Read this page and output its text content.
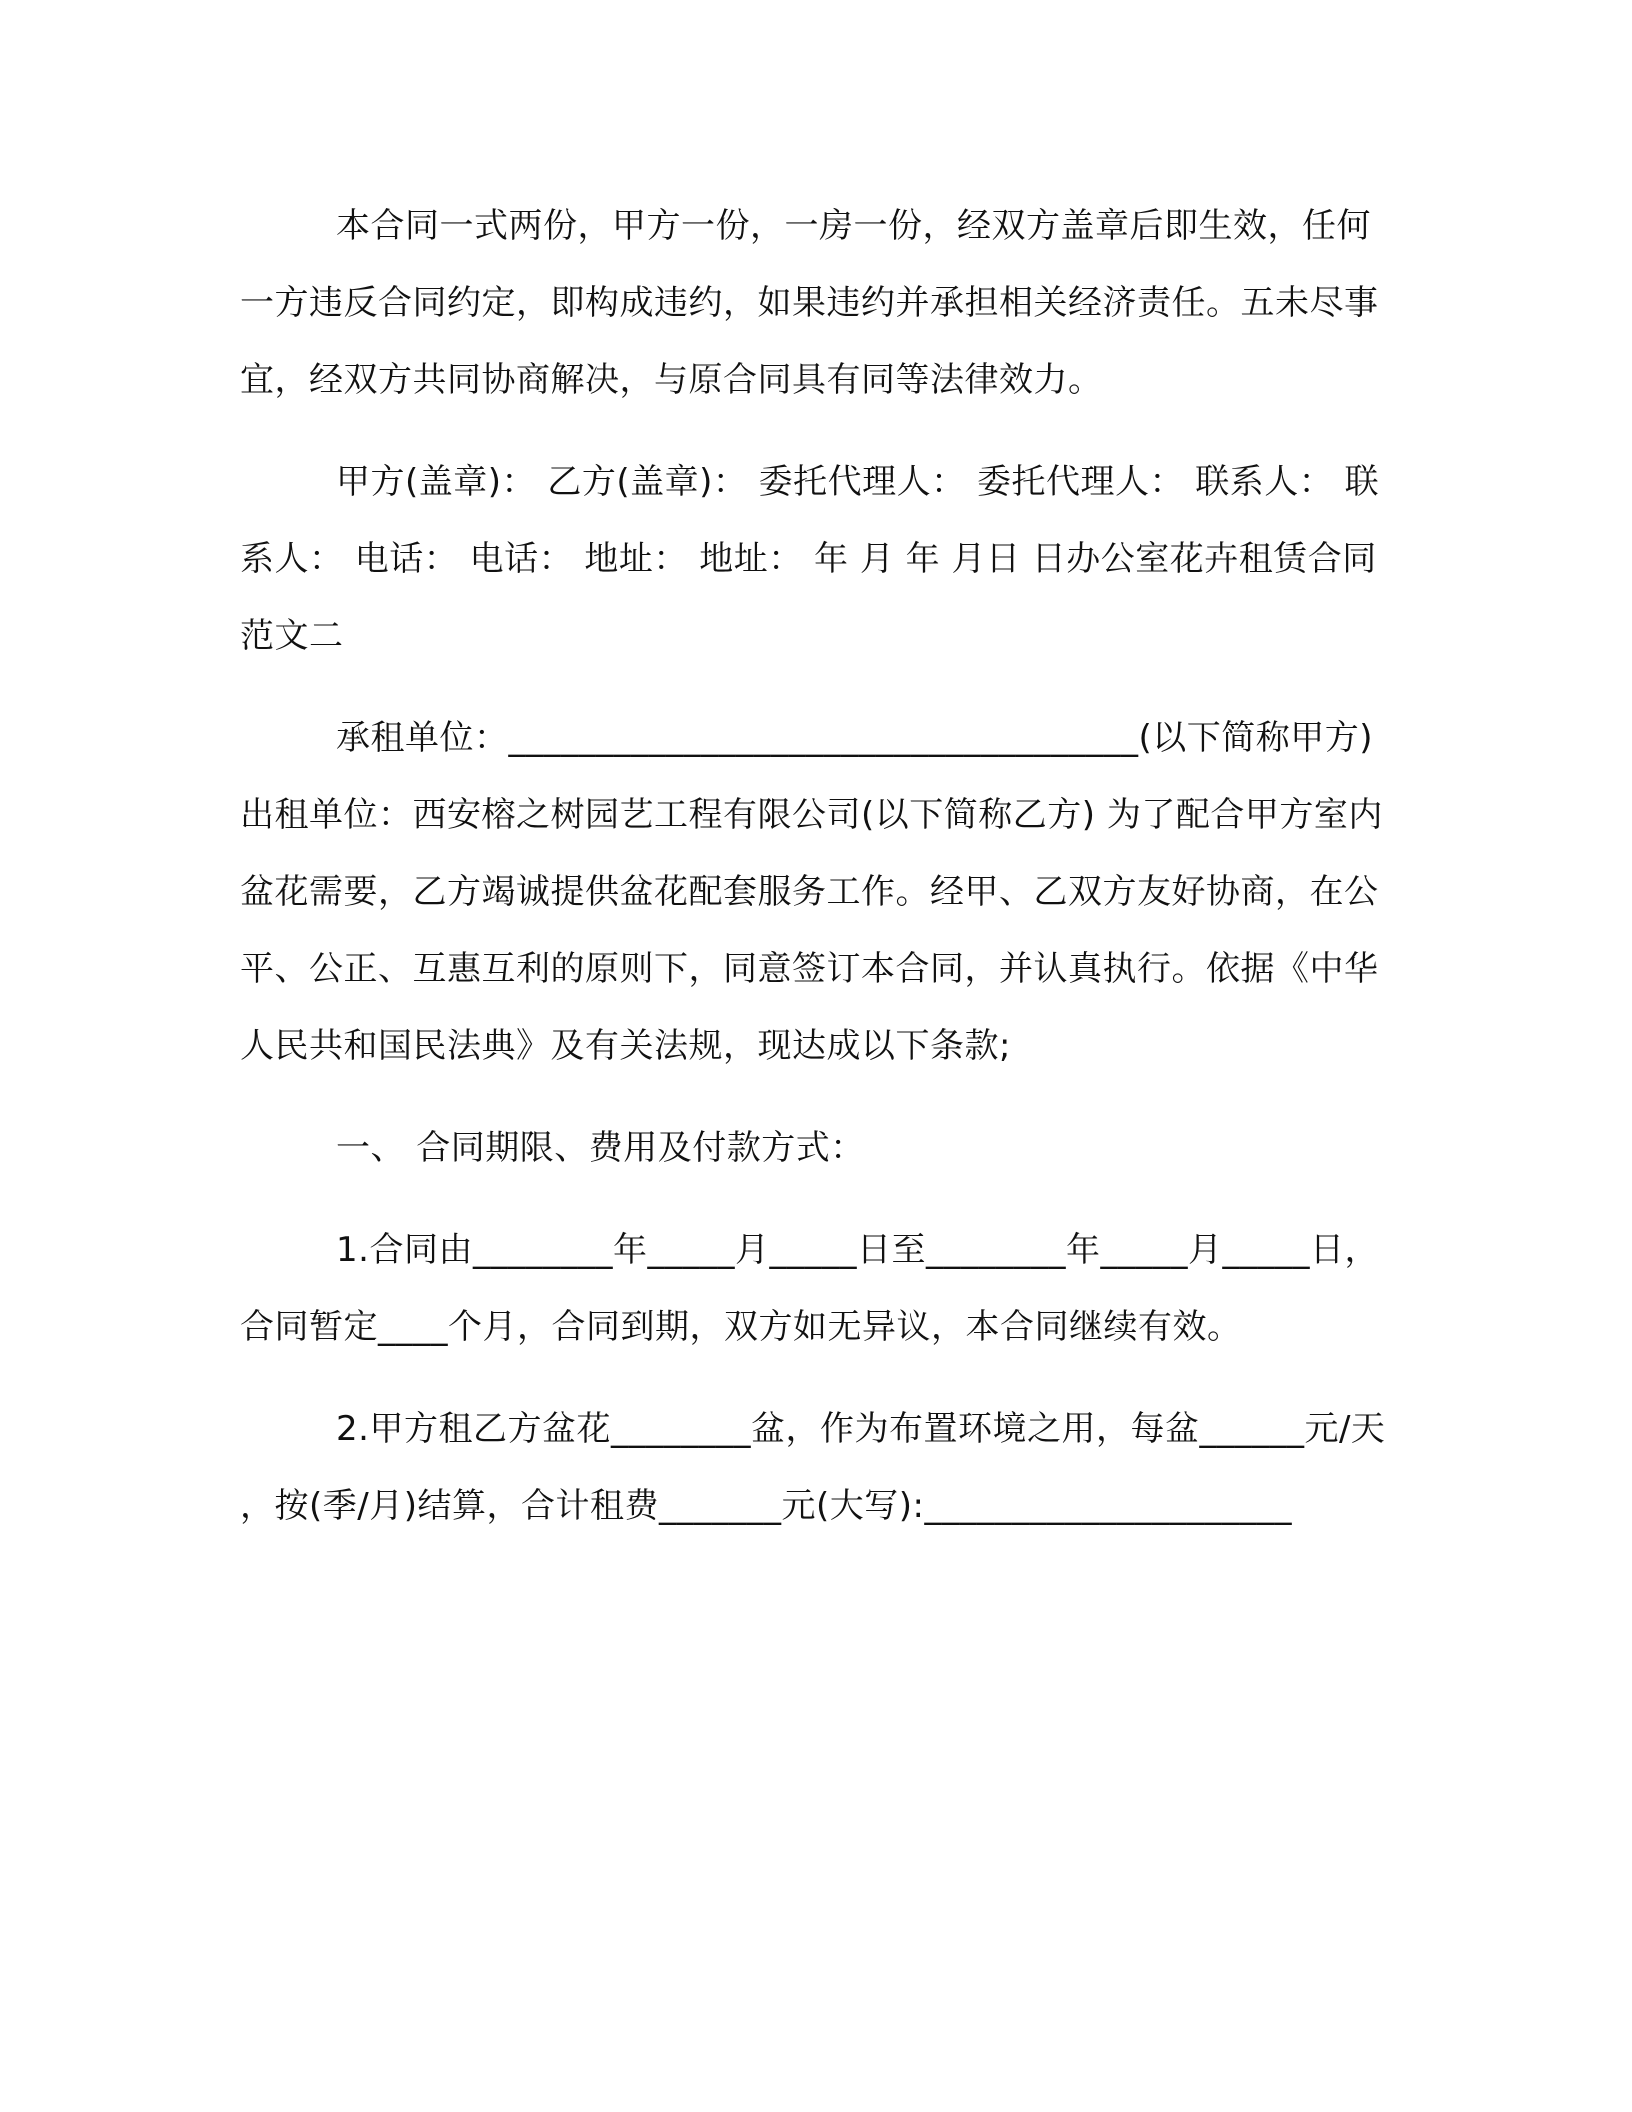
本合同一式两份，甲方一份，一房一份，经双方盖章后即生效，任何一方违反合同约定，即构成违约，如果违约并承担相关经济责任。五未尽事宜，经双方共同协商解决，与原合同具有同等法律效力。

甲方(盖章)： 乙方(盖章)： 委托代理人： 委托代理人： 联系人： 联系人： 电话： 电话： 地址： 地址： 年 月 年 月日 日办公室花卉租赁合同范文二

承租单位：____________________________________(以下简称甲方) 出租单位：西安榕之树园艺工程有限公司(以下简称乙方) 为了配合甲方室内盆花需要，乙方竭诚提供盆花配套服务工作。经甲、乙双方友好协商，在公平、公正、互惠互利的原则下，同意签订本合同，并认真执行。依据《中华人民共和国民法典》及有关法规，现达成以下条款;

一、 合同期限、费用及付款方式：

1.合同由________年_____月_____日至________年_____月_____日，合同暂定____个月，合同到期，双方如无异议，本合同继续有效。

2.甲方租乙方盆花________盆，作为布置环境之用，每盆______元/天，按(季/月)结算，合计租费_______元(大写):_____________________
